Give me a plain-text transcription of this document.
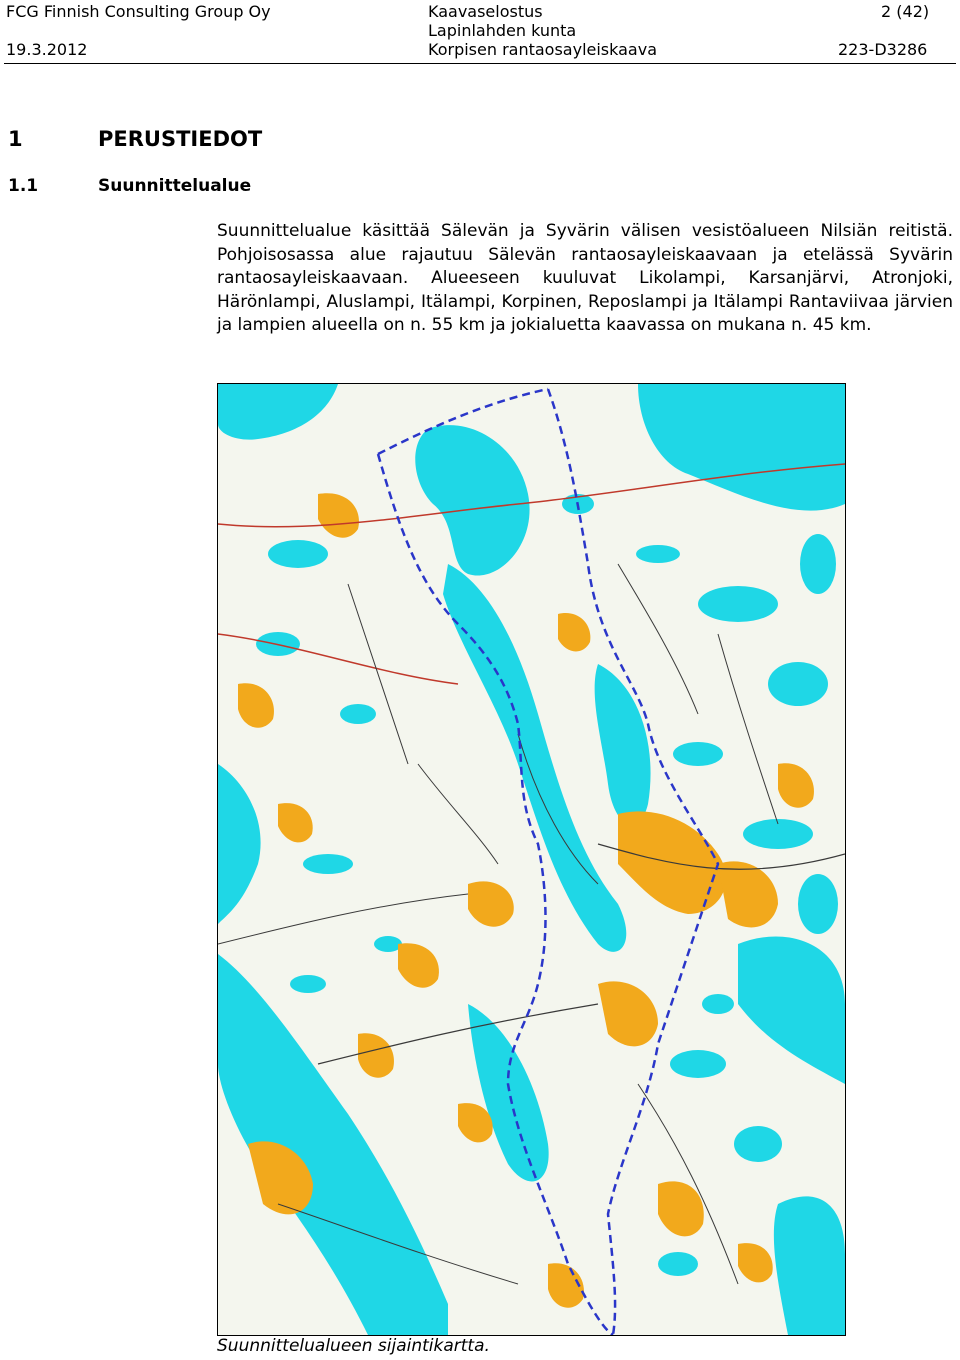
FCG Finnish Consulting Group Oy
19.3.2012
Kaavaselostus
Lapinlahden kunta
Korpisen rantaosayleiskaava
2 (42)
223-D3286
1	PERUSTIEDOT
1.1	Suunnittelualue
Suunnittelualue käsittää Sälevän ja Syvärin välisen vesistöalueen Nilsiän reitistä. Pohjoisosassa alue rajautuu Sälevän rantaosayleiskaavaan ja etelässä Syvärin rantaosayleiskaavaan. Alueeseen kuuluvat Likolampi, Karsanjärvi, Atronjoki, Härönlampi, Aluslampi, Itälampi, Korpinen, Reposlampi ja Itälampi Rantaviivaa järvien ja lampien alueella on n. 55 km ja jokialuetta kaavassa on mukana n. 45 km.
Suunnittelualueen sijaintikartta.
